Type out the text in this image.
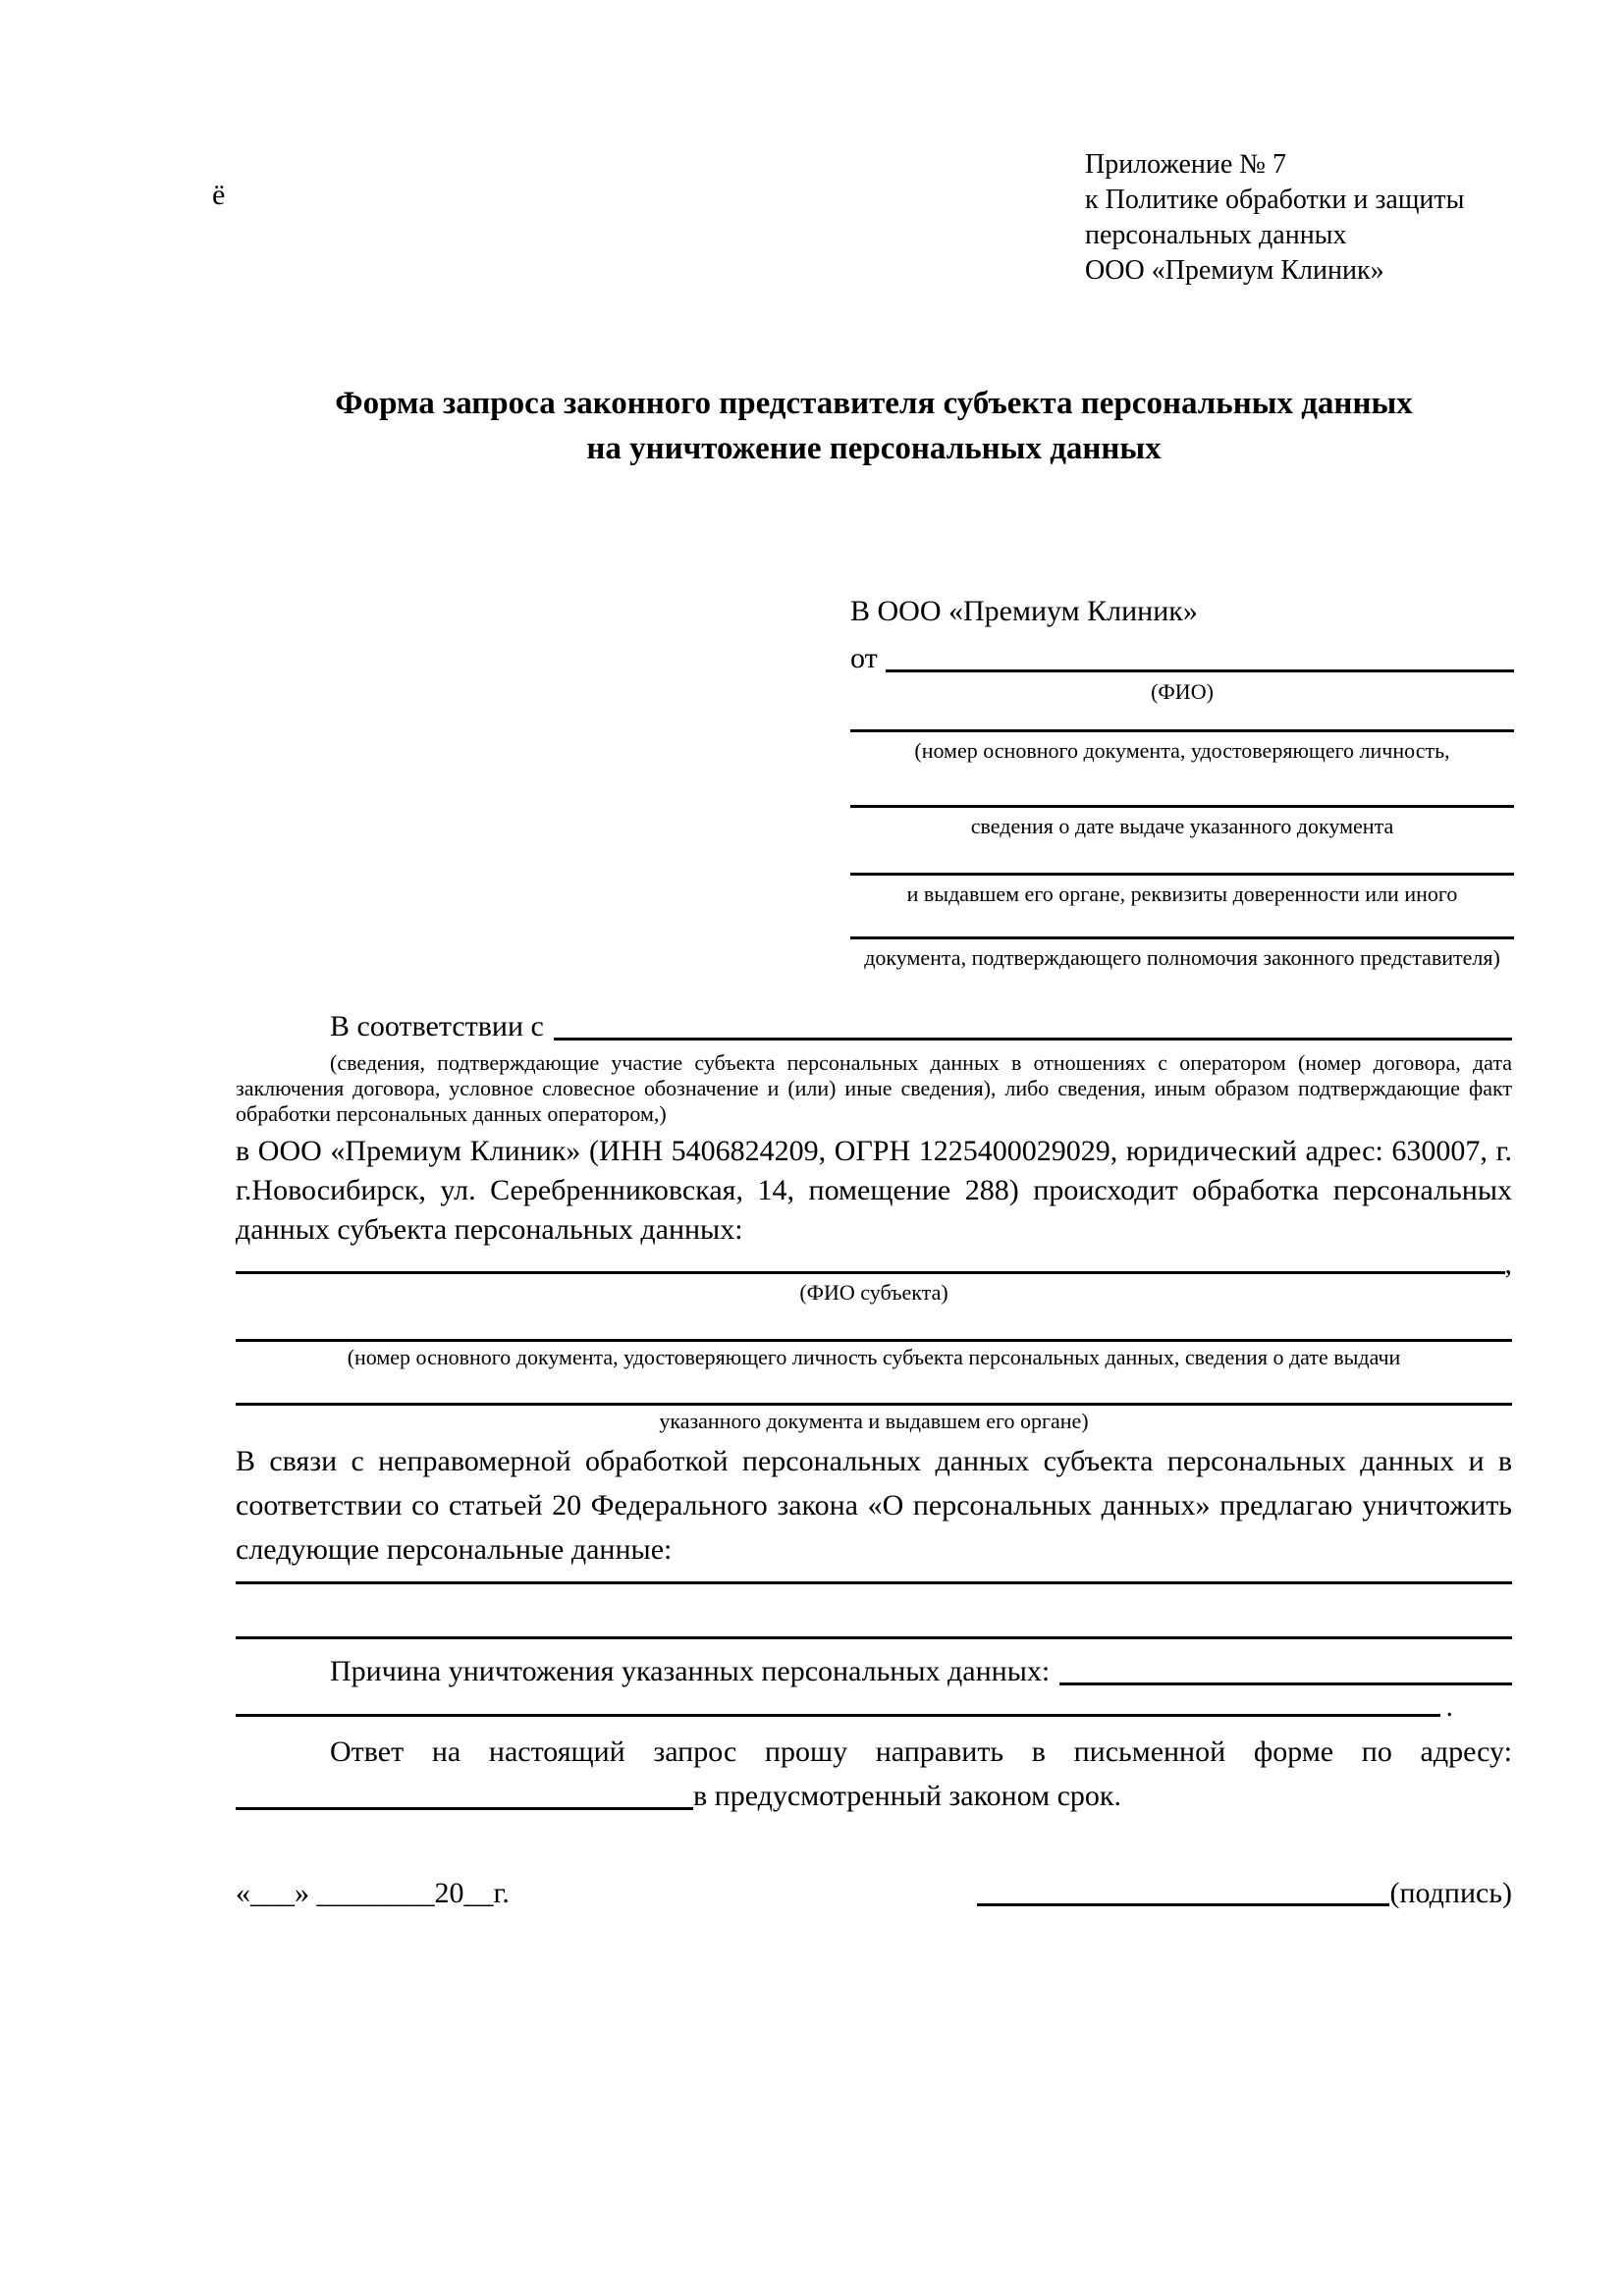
ё
Приложение № 7
к Политике обработки и защиты
персональных данных
ООО «Премиум Клиник»
Форма запроса законного представителя субъекта персональных данных
на уничтожение персональных данных
В ООО «Премиум Клиник»
от
(ФИО)
(номер основного документа, удостоверяющего личность,
сведения о дате выдаче указанного документа
и выдавшем его органе, реквизиты доверенности или иного
документа, подтверждающего полномочия законного представителя)
В соответствии с
(сведения, подтверждающие участие субъекта персональных данных в отношениях с оператором (номер договора, дата заключения договора, условное словесное обозначение и (или) иные сведения), либо сведения, иным образом подтверждающие факт обработки персональных данных оператором,)

в ООО «Премиум Клиник» (ИНН 5406824209, ОГРН 1225400029029, юридический адрес: 630007, г. г.Новосибирск, ул. Серебренниковская, 14, помещение 288) происходит обработка персональных данных субъекта персональных данных:

,
(ФИО субъекта)
(номер основного документа, удостоверяющего личность субъекта персональных данных, сведения о дате выдачи
указанного документа и выдавшем его органе)

В связи с неправомерной обработкой персональных данных субъекта персональных данных и в соответствии со статьей 20 Федерального закона «О персональных данных» предлагаю уничтожить следующие персональные данные:

Причина уничтожения указанных персональных данных:
.

Ответ на настоящий запрос прошу направить в письменной форме по адресу:

в предусмотренный законом срок.
«___» ________20__г.	(подпись)
